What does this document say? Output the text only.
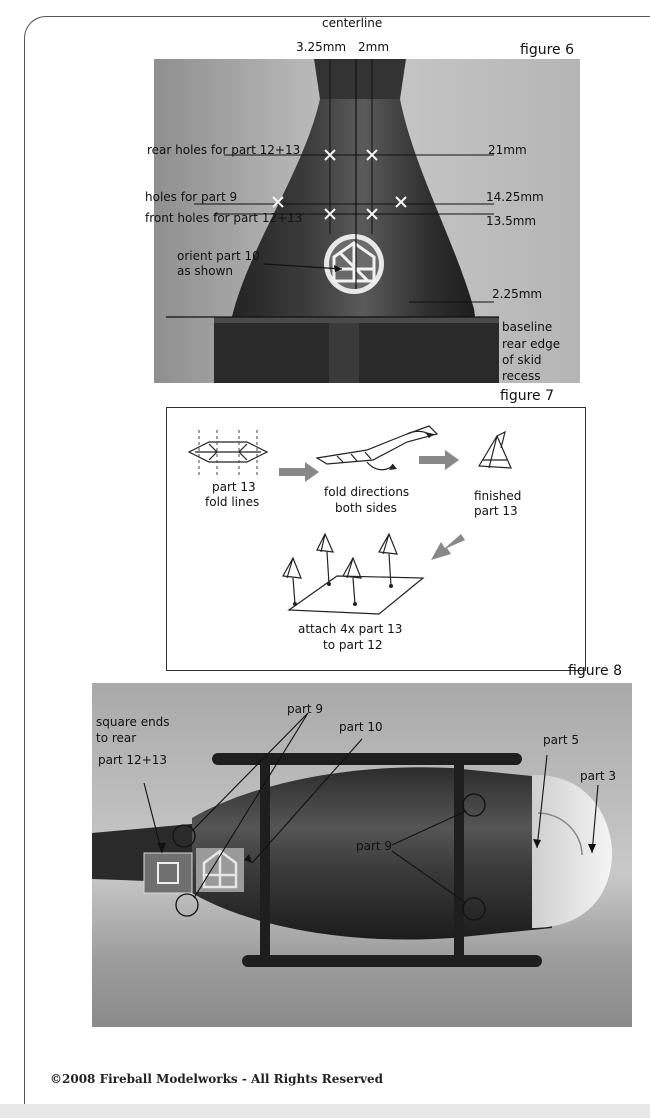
figure 6
centerline
3.25mm 2mm
rear holes for part 12+13
holes for part 9
front holes for part 12+13
orient part 10
as shown
21mm
14.25mm
13.5mm
2.25mm
baseline
rear edge
of skid
recess
figure 7
part 13
fold lines
fold directions
both sides
finished
part 13
attach 4x part 13
to part 12
figure 8
square ends
to rear
part 12+13
part 9
part 10
part 5
part 3
part 9
©2008 Fireball Modelworks - All Rights Reserved
